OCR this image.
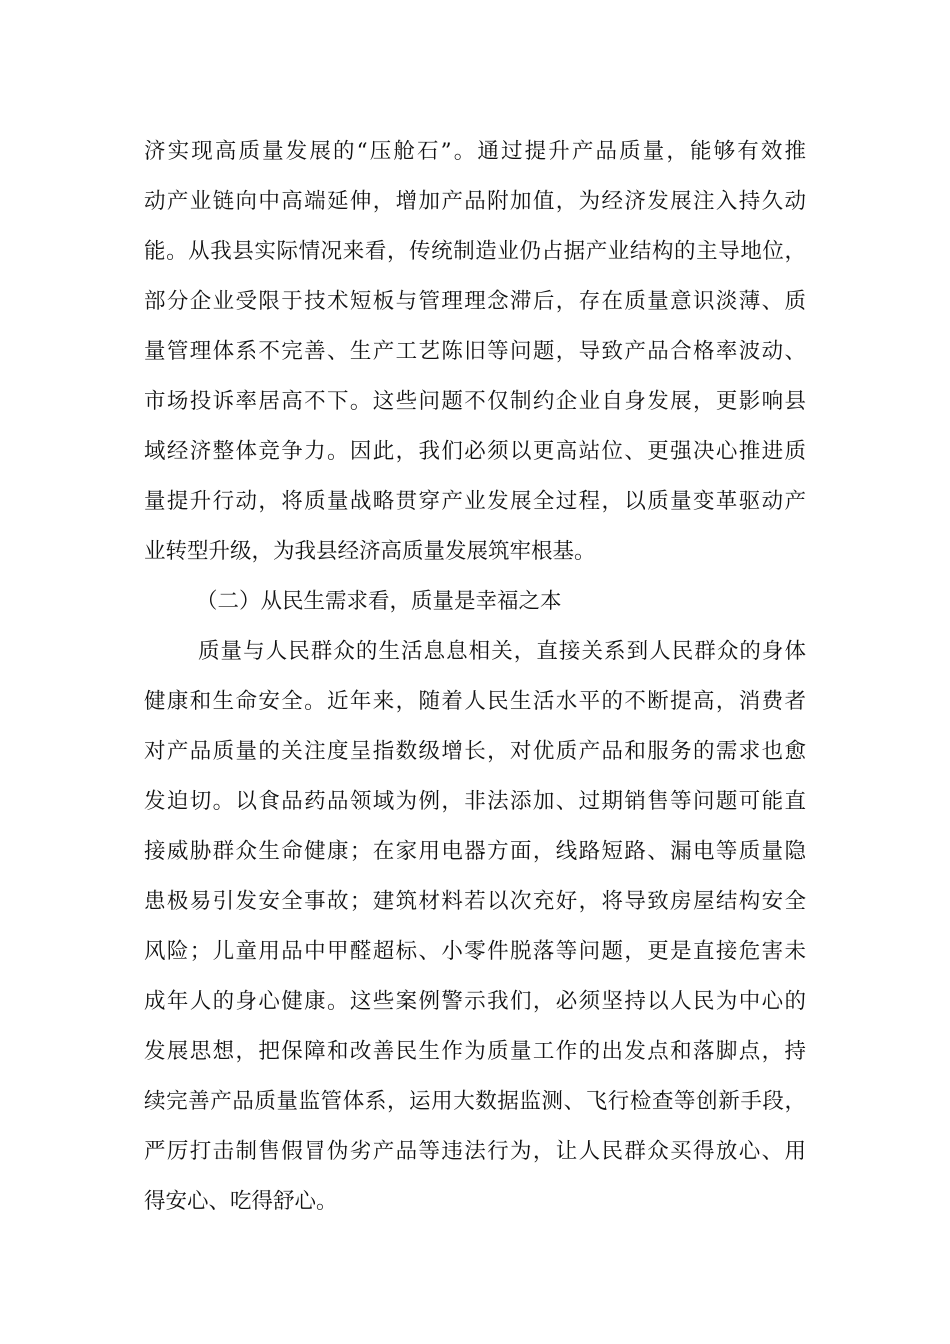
济实现高质量发展的“压舱石”。通过提升产品质量，能够有效推
动产业链向中高端延伸，增加产品附加值，为经济发展注入持久动
能。从我县实际情况来看，传统制造业仍占据产业结构的主导地位，
部分企业受限于技术短板与管理理念滞后，存在质量意识淡薄、质
量管理体系不完善、生产工艺陈旧等问题，导致产品合格率波动、
市场投诉率居高不下。这些问题不仅制约企业自身发展，更影响县
域经济整体竞争力。因此，我们必须以更高站位、更强决心推进质
量提升行动，将质量战略贯穿产业发展全过程，以质量变革驱动产
业转型升级，为我县经济高质量发展筑牢根基。
（二）从民生需求看，质量是幸福之本
质量与人民群众的生活息息相关，直接关系到人民群众的身体
健康和生命安全。近年来，随着人民生活水平的不断提高，消费者
对产品质量的关注度呈指数级增长，对优质产品和服务的需求也愈
发迫切。以食品药品领域为例，非法添加、过期销售等问题可能直
接威胁群众生命健康；在家用电器方面，线路短路、漏电等质量隐
患极易引发安全事故；建筑材料若以次充好，将导致房屋结构安全
风险；儿童用品中甲醛超标、小零件脱落等问题，更是直接危害未
成年人的身心健康。这些案例警示我们，必须坚持以人民为中心的
发展思想，把保障和改善民生作为质量工作的出发点和落脚点，持
续完善产品质量监管体系，运用大数据监测、飞行检查等创新手段，
严厉打击制售假冒伪劣产品等违法行为，让人民群众买得放心、用
得安心、吃得舒心。
